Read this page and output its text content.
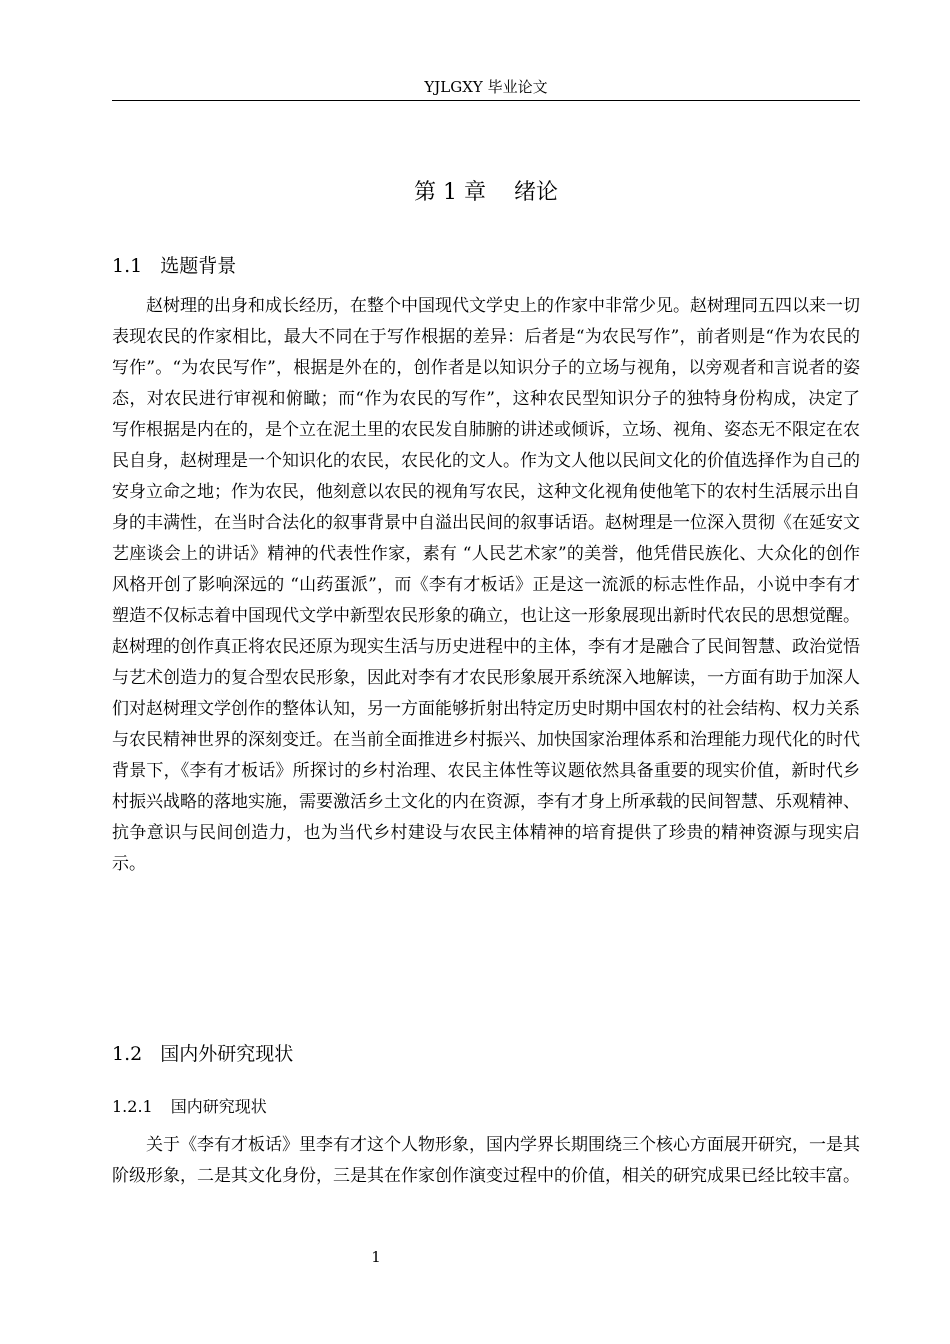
YJLGXY 毕业论文
第 1 章 绪论
1.1 选题背景

赵树理的出身和成长经历，在整个中国现代文学史上的作家中非常少见。赵树理同五四以来一切表现农民的作家相比，最大不同在于写作根据的差异：后者是“为农民写作”，前者则是“作为农民的写作”。“为农民写作”，根据是外在的，创作者是以知识分子的立场与视角，以旁观者和言说者的姿态，对农民进行审视和俯瞰；而“作为农民的写作”，这种农民型知识分子的独特身份构成，决定了写作根据是内在的，是个立在泥土里的农民发自肺腑的讲述或倾诉，立场、视角、姿态无不限定在农民自身，赵树理是一个知识化的农民，农民化的文人。作为文人他以民间文化的价值选择作为自己的安身立命之地；作为农民，他刻意以农民的视角写农民，这种文化视角使他笔下的农村生活展示出自身的丰满性，在当时合法化的叙事背景中自溢出民间的叙事话语。赵树理是一位深入贯彻《在延安文艺座谈会上的讲话》精神的代表性作家，素有 “人民艺术家”的美誉，他凭借民族化、大众化的创作风格开创了影响深远的 “山药蛋派”，而《李有才板话》正是这一流派的标志性作品，小说中李有才塑造不仅标志着中国现代文学中新型农民形象的确立，也让这一形象展现出新时代农民的思想觉醒。赵树理的创作真正将农民还原为现实生活与历史进程中的主体，李有才是融合了民间智慧、政治觉悟与艺术创造力的复合型农民形象，因此对李有才农民形象展开系统深入地解读，一方面有助于加深人们对赵树理文学创作的整体认知，另一方面能够折射出特定历史时期中国农村的社会结构、权力关系与农民精神世界的深刻变迁。在当前全面推进乡村振兴、加快国家治理体系和治理能力现代化的时代背景下，《李有才板话》所探讨的乡村治理、农民主体性等议题依然具备重要的现实价值，新时代乡村振兴战略的落地实施，需要激活乡土文化的内在资源，李有才身上所承载的民间智慧、乐观精神、抗争意识与民间创造力，也为当代乡村建设与农民主体精神的培育提供了珍贵的精神资源与现实启示。

1.2 国内外研究现状
1.2.1 国内研究现状

关于《李有才板话》里李有才这个人物形象，国内学界长期围绕三个核心方面展开研究，一是其阶级形象，二是其文化身份，三是其在作家创作演变过程中的价值，相关的研究成果已经比较丰富。

1
